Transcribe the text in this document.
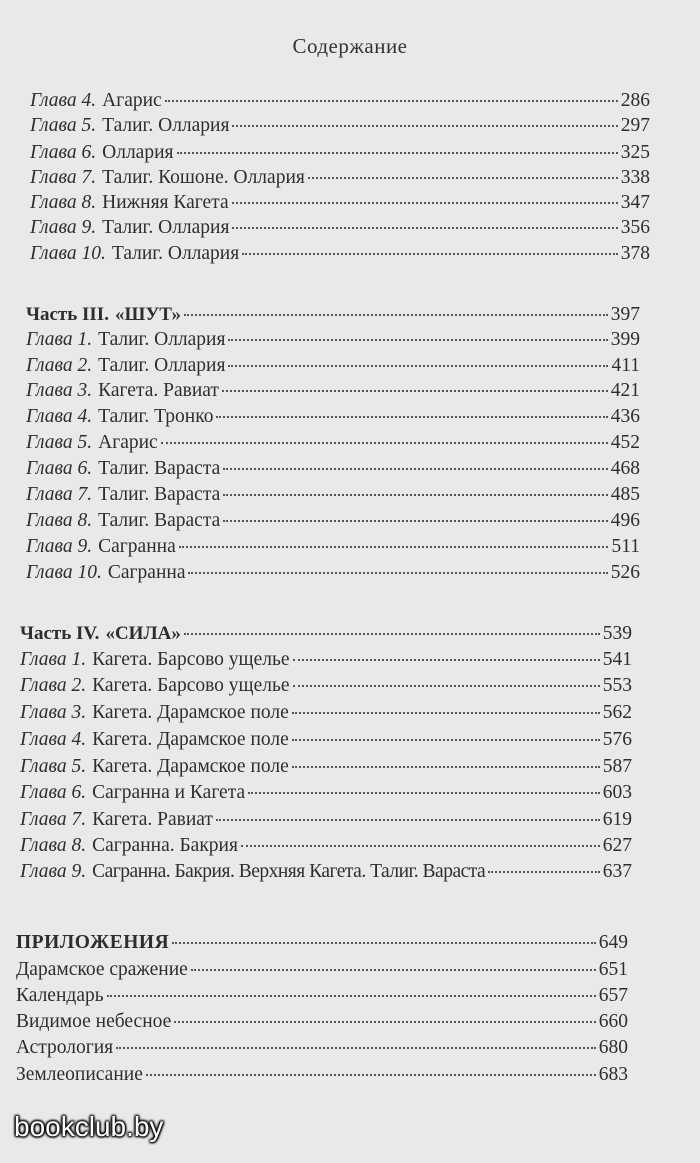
Содержание
Глава 4. Агарис	286
Глава 5. Талиг. Оллария	297
Глава 6. Оллария	325
Глава 7. Талиг. Кошоне. Оллария	338
Глава 8. Нижняя Кагета	347
Глава 9. Талиг. Оллария	356
Глава 10. Талиг. Оллария	378
Часть III. «ШУТ»	397
Глава 1. Талиг. Оллария	399
Глава 2. Талиг. Оллария	411
Глава 3. Кагета. Равиат	421
Глава 4. Талиг. Тронко	436
Глава 5. Агарис	452
Глава 6. Талиг. Вараста	468
Глава 7. Талиг. Вараста	485
Глава 8. Талиг. Вараста	496
Глава 9. Сагранна	511
Глава 10. Сагранна	526
Часть IV. «СИЛА»	539
Глава 1. Кагета. Барсово ущелье	541
Глава 2. Кагета. Барсово ущелье	553
Глава 3. Кагета. Дарамское поле	562
Глава 4. Кагета. Дарамское поле	576
Глава 5. Кагета. Дарамское поле	587
Глава 6. Сагранна и Кагета	603
Глава 7. Кагета. Равиат	619
Глава 8. Сагранна. Бакрия	627
Глава 9. Сагранна. Бакрия. Верхняя Кагета. Талиг. Вараста	637
ПРИЛОЖЕНИЯ	649
Дарамское сражение	651
Календарь	657
Видимое небесное	660
Астрология	680
Землеописание	683
bookclub.by
